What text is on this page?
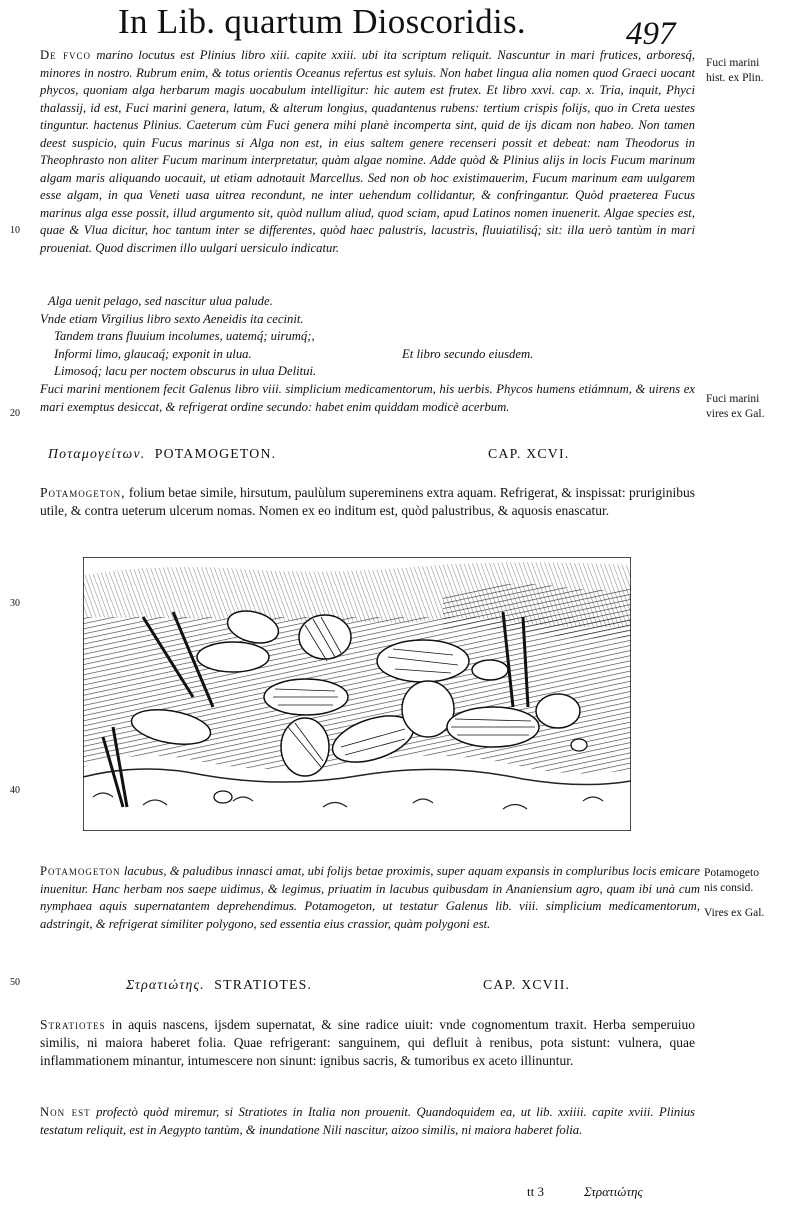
In Lib. quartum Dioscoridis.	497

De fvco marino locutus est Plinius libro xiii. capite xxiii. ubi ita scriptum reliquit. Nascuntur in mari frutices, arboresq́, minores in nostro. Rubrum enim, & totus orientis Oceanus refertus est syluis. Non habet lingua alia nomen quod Graeci uocant phycos, quoniam alga herbarum magis uocabulum intelligitur: hic autem est frutex. Et libro xxvi. cap. x. Tria, inquit, Phyci thalassij, id est, Fuci marini genera, latum, & alterum longius, quadantenus rubens: tertium crispis folijs, quo in Creta uestes tinguntur. hactenus Plinius. Caeterum cùm Fuci genera mihi planè incomperta sint, quid de ijs dicam non habeo. Non tamen deest suspicio, quin Fucus marinus si Alga non est, in eius saltem genere recenseri possit et debeat: nam Theodorus in Theophrasto non aliter Fucum marinum interpretatur, quàm algae nomine. Adde quòd & Plinius alijs in locis Fucum marinum algam maris aliquando uocauit, ut etiam adnotauit Marcellus. Sed non ob hoc existimauerim, Fucum marinum eam uulgarem esse algam, in qua Veneti uasa uitrea recondunt, ne inter uehendum collidantur, & confringantur. Quòd praeterea Fucus marinus alga esse possit, illud argumento sit, quòd nullum aliud, quod sciam, apud Latinos nomen inuenerit. Algae species est, quae & Vlua dicitur, hoc tantum inter se differentes, quòd haec palustris, lacustris, fluuiatilisq́; sit: illa uerò tantùm in mari proueniat. Quod discrimen illo uulgari uersiculo indicatur.

Alga uenit pelago, sed nascitur ulua palude.
Vnde etiam Virgilius libro sexto Aeneidis ita cecinit.
Tandem trans fluuium incolumes, uatemq́; uirumq́;,
Informi limo, glaucaq́; exponit in ulua.	Et libro secundo eiusdem.
Limosoq́; lacu per noctem obscurus in ulua Delitui.

Fuci marini mentionem fecit Galenus libro viii. simplicium medicamentorum, his uerbis. Phycos humens etiámnum, & uirens ex mari exemptus desiccat, & refrigerat ordine secundo: habet enim quiddam modicè acerbum.

Fuci marini
hist. ex Plin.
Fuci marini
vires ex Gal.
Potamogeto
nis consid.
Vires ex Gal.
10
20
30
40
50
Ποταμογείτων. POTAMOGETON.	CAP. XCVI.

Potamogeton, folium betae simile, hirsutum, paulùlum supereminens extra aquam. Refrigerat, & inspissat: pruriginibus utile, & contra ueterum ulcerum nomas. Nomen ex eo inditum est, quòd palustribus, & aquosis enascatur.

Potamogeton lacubus, & paludibus innasci amat, ubi folijs betae proximis, super aquam expansis in compluribus locis emicare inuenitur. Hanc herbam nos saepe uidimus, & legimus, priuatim in lacubus quibusdam in Ananiensium agro, quam ibi unà cum nymphaea aquis supernatantem deprehendimus. Potamogeton, ut testatur Galenus lib. viii. simplicium medicamentorum, adstringit, & refrigerat similiter polygono, sed essentia eius crassior, quàm polygoni est.

Στρατιώτης. STRATIOTES.	CAP. XCVII.

Stratiotes in aquis nascens, ijsdem supernatat, & sine radice uiuit: vnde cognomentum traxit. Herba semperuiuo similis, ni maiora haberet folia. Quae refrigerant: sanguinem, qui defluit à renibus, pota sistunt: vulnera, quae inflammationem minantur, intumescere non sinunt: ignibus sacris, & tumoribus ex aceto illinuntur.

Non est profectò quòd miremur, si Stratiotes in Italia non prouenit. Quandoquidem ea, ut lib. xxiiii. capite xviii. Plinius testatum reliquit, est in Aegypto tantùm, & inundatione Nili nascitur, aizoo similis, ni maiora haberet folia.

tt 3	Στρατιώτης
